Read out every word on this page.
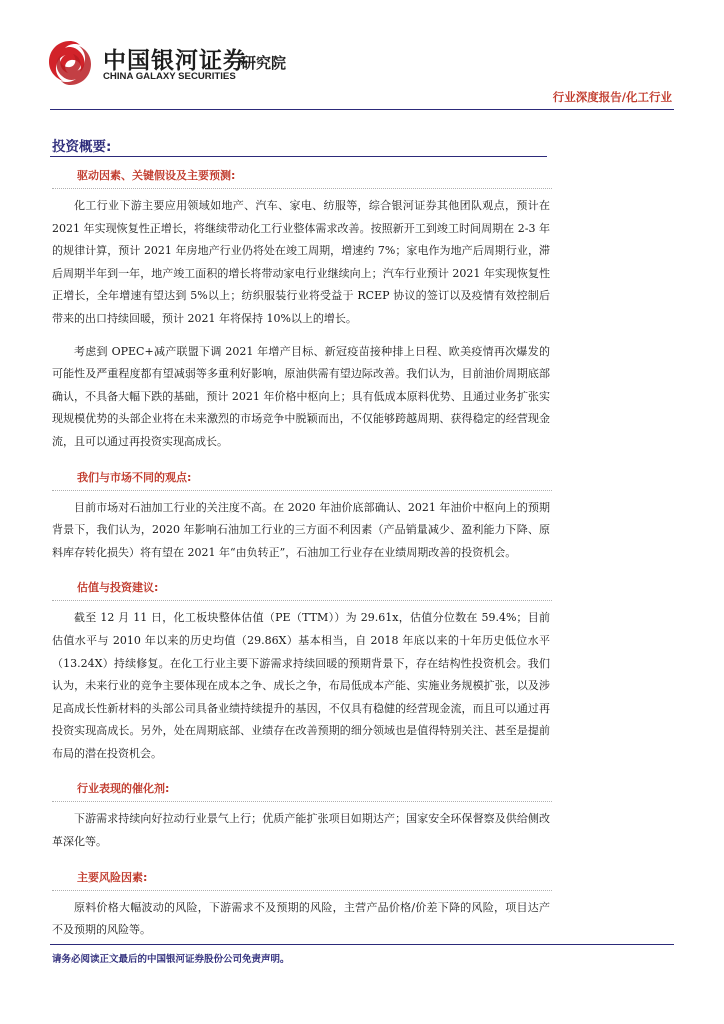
中国银河证券
CHINA GALAXY SECURITIES
研究院
行业深度报告/化工行业
投资概要:
驱动因素、关键假设及主要预测:

化工行业下游主要应用领域如地产、汽车、家电、纺服等，综合银河证券其他团队观点，预计在 2021 年实现恢复性正增长，将继续带动化工行业整体需求改善。按照新开工到竣工时间周期在 2-3 年的规律计算，预计 2021 年房地产行业仍将处在竣工周期，增速约 7%；家电作为地产后周期行业，滞后周期半年到一年，地产竣工面积的增长将带动家电行业继续向上；汽车行业预计 2021 年实现恢复性正增长，全年增速有望达到 5%以上；纺织服装行业将受益于 RCEP 协议的签订以及疫情有效控制后带来的出口持续回暖，预计 2021 年将保持 10%以上的增长。

考虑到 OPEC+减产联盟下调 2021 年增产目标、新冠疫苗接种排上日程、欧美疫情再次爆发的可能性及严重程度都有望减弱等多重利好影响，原油供需有望边际改善。我们认为，目前油价周期底部确认，不具备大幅下跌的基础，预计 2021 年价格中枢向上；具有低成本原料优势、且通过业务扩张实现规模优势的头部企业将在未来激烈的市场竞争中脱颖而出，不仅能够跨越周期、获得稳定的经营现金流，且可以通过再投资实现高成长。

我们与市场不同的观点:

目前市场对石油加工行业的关注度不高。在 2020 年油价底部确认、2021 年油价中枢向上的预期背景下，我们认为，2020 年影响石油加工行业的三方面不利因素（产品销量减少、盈利能力下降、原料库存转化损失）将有望在 2021 年“由负转正”，石油加工行业存在业绩周期改善的投资机会。

估值与投资建议:

截至 12 月 11 日，化工板块整体估值（PE（TTM））为 29.61x，估值分位数在 59.4%；目前估值水平与 2010 年以来的历史均值（29.86X）基本相当，自 2018 年底以来的十年历史低位水平（13.24X）持续修复。在化工行业主要下游需求持续回暖的预期背景下，存在结构性投资机会。我们认为，未来行业的竞争主要体现在成本之争、成长之争，布局低成本产能、实施业务规模扩张，以及涉足高成长性新材料的头部公司具备业绩持续提升的基因，不仅具有稳健的经营现金流，而且可以通过再投资实现高成长。另外，处在周期底部、业绩存在改善预期的细分领域也是值得特别关注、甚至是提前布局的潜在投资机会。

行业表现的催化剂:

下游需求持续向好拉动行业景气上行；优质产能扩张项目如期达产；国家安全环保督察及供给侧改革深化等。

主要风险因素:

原料价格大幅波动的风险，下游需求不及预期的风险，主营产品价格/价差下降的风险，项目达产不及预期的风险等。

请务必阅读正文最后的中国银河证券股份公司免责声明。
